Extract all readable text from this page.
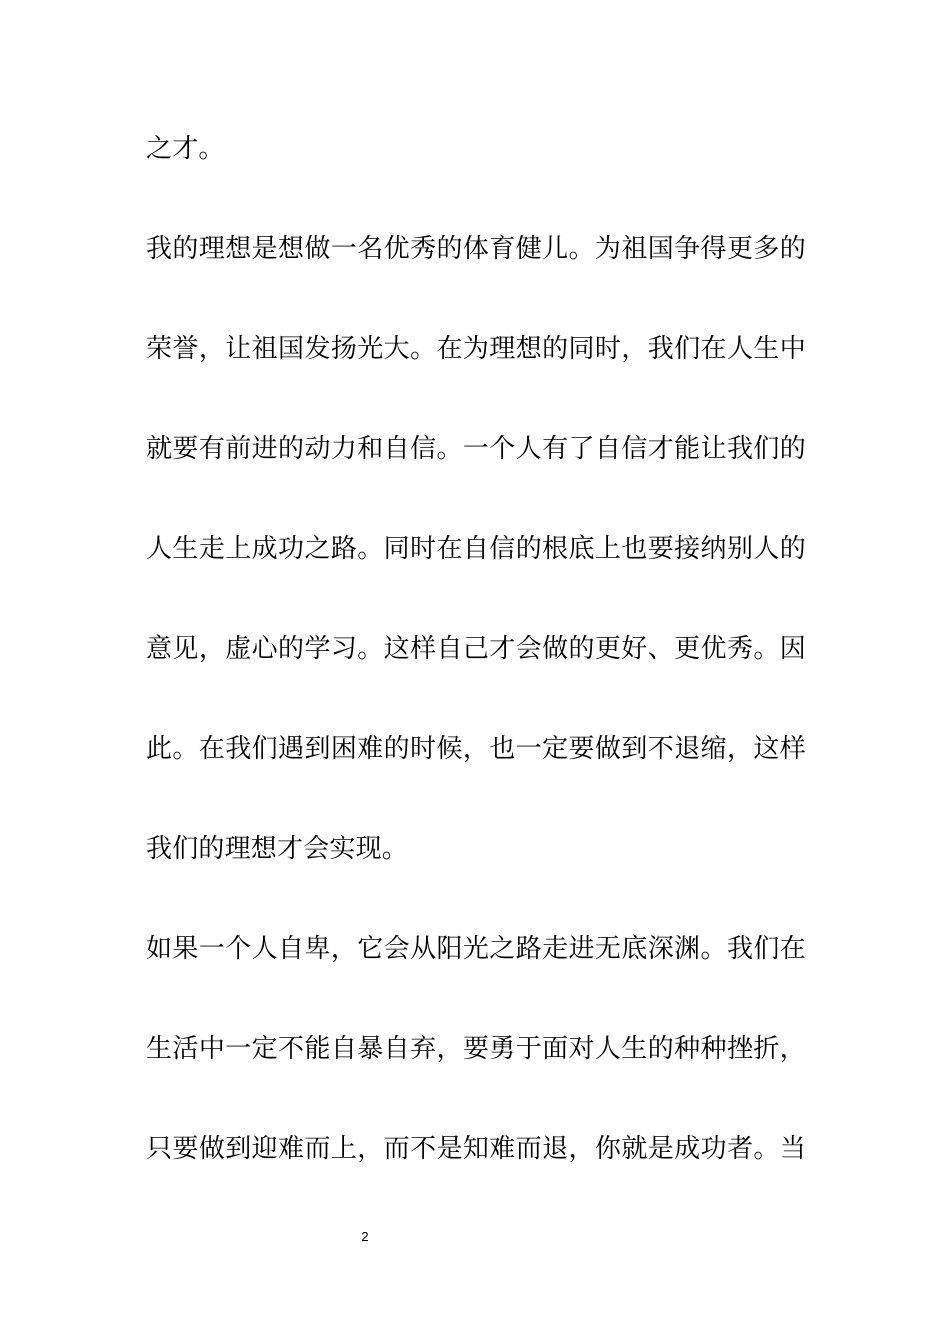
之才。
我的理想是想做一名优秀的体育健儿。为祖国争得更多的
荣誉，让祖国发扬光大。在为理想的同时，我们在人生中
就要有前进的动力和自信。一个人有了自信才能让我们的
人生走上成功之路。同时在自信的根底上也要接纳别人的
意见，虚心的学习。这样自己才会做的更好、更优秀。因
此。在我们遇到困难的时候，也一定要做到不退缩，这样
我们的理想才会实现。
如果一个人自卑，它会从阳光之路走进无底深渊。我们在
生活中一定不能自暴自弃，要勇于面对人生的种种挫折，
只要做到迎难而上，而不是知难而退，你就是成功者。当
2
